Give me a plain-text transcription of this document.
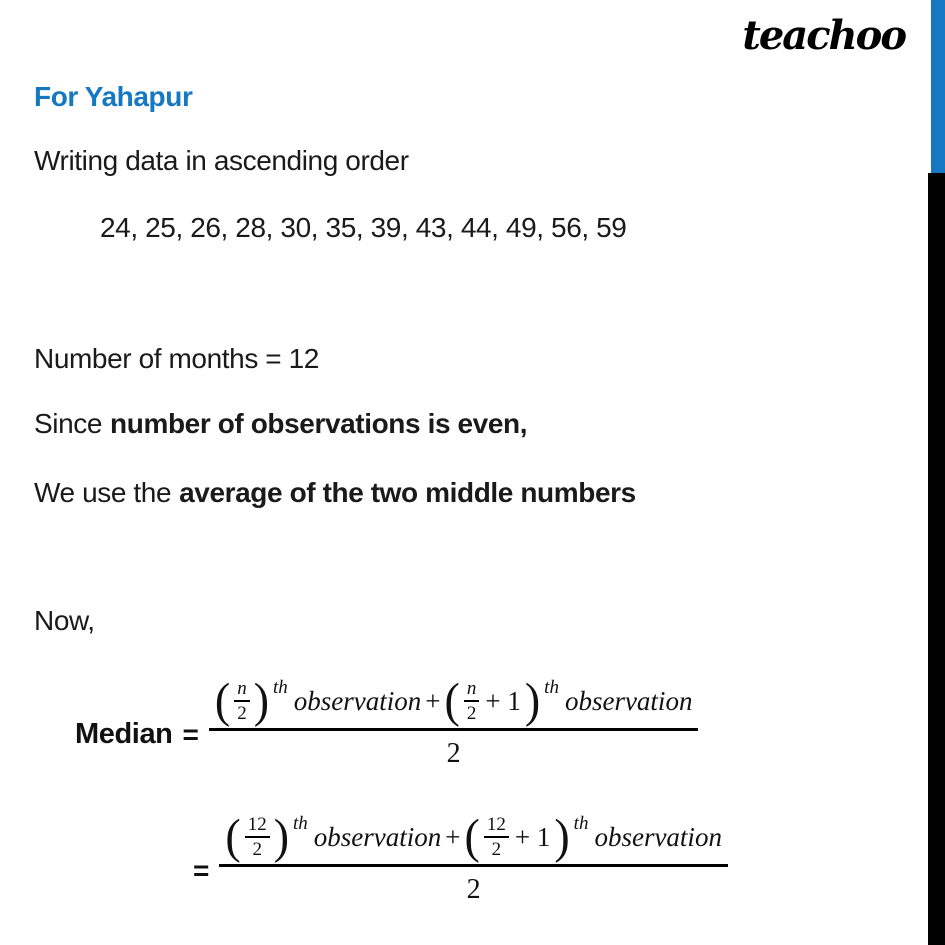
teachoo
For Yahapur
Writing data in ascending order
24, 25, 26, 28, 30, 35, 39, 43, 44, 49, 56, 59
Number of months = 12
Since number of observations is even,
We use the average of the two middle numbers
Now,
Median =
( n
2 ) th observation + ( n
2 + 1 ) th observation
2
=
( 12
2 ) th observation + ( 12
2 + 1 ) th observation
2
